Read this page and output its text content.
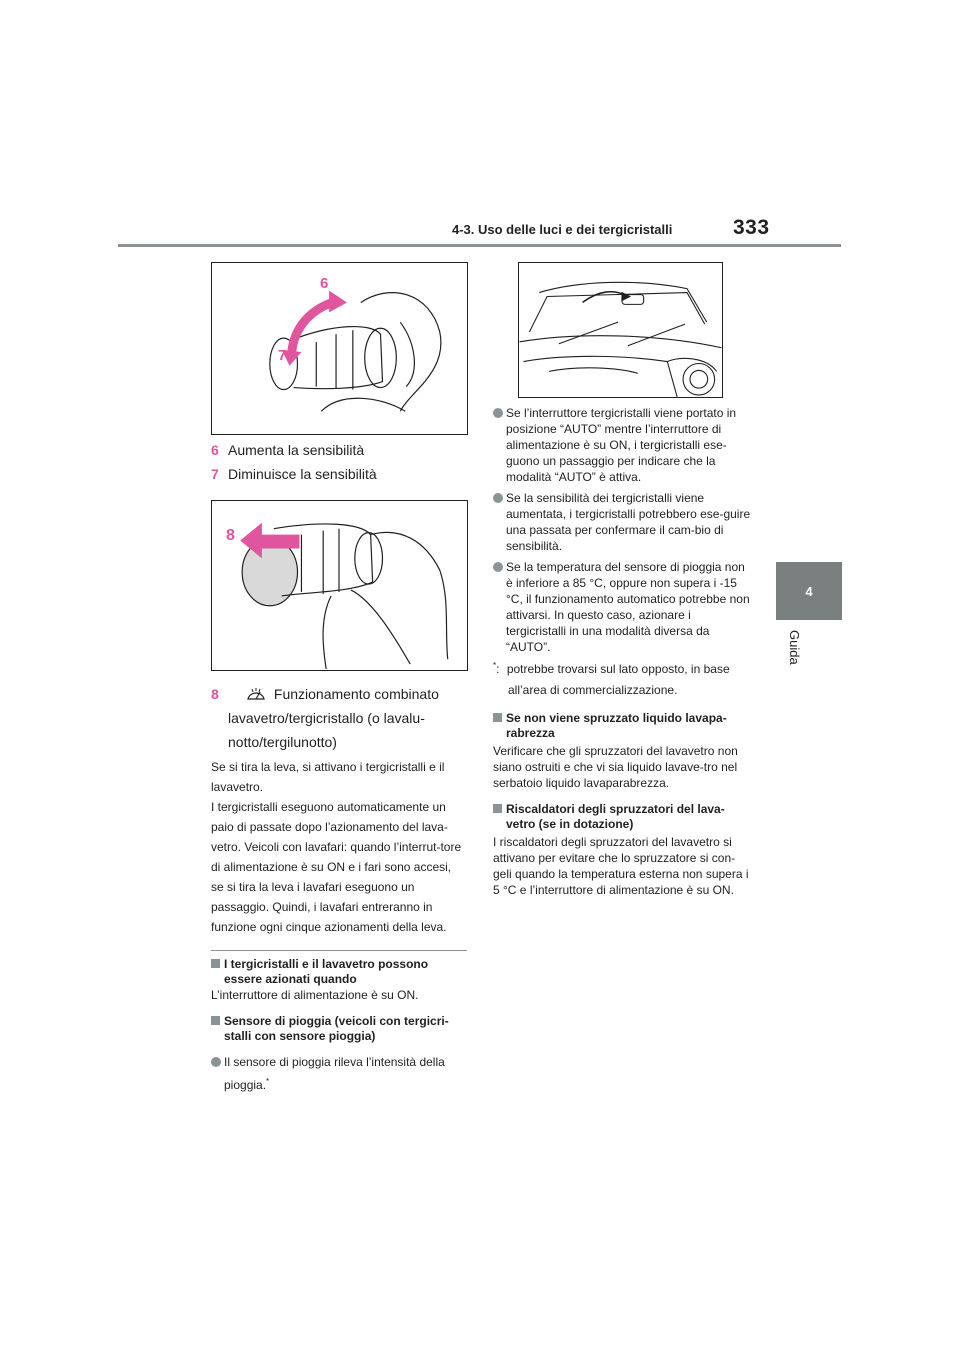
4-3. Uso delle luci e dei tergicristalli	333
4
Guida
6
7
6 Aumenta la sensibilità
7 Diminuisce la sensibilità
8
8	Funzionamento combinato
lavavetro/tergicristallo (o lavalu-
notto/tergilunotto)
Se si tira la leva, si attivano i tergicristalli e il lavavetro.
I tergicristalli eseguono automaticamente un paio di passate dopo l’azionamento del lava-vetro. Veicoli con lavafari: quando l’interrut-tore di alimentazione è su ON e i fari sono accesi, se si tira la leva i lavafari eseguono un passaggio. Quindi, i lavafari entreranno in funzione ogni cinque azionamenti della leva.
I tergicristalli e il lavavetro possono essere azionati quando
L’interruttore di alimentazione è su ON.
Sensore di pioggia (veicoli con tergicri-stalli con sensore pioggia)
Il sensore di pioggia rileva l’intensità della pioggia.*
Se l’interruttore tergicristalli viene portato in posizione “AUTO” mentre l’interruttore di alimentazione è su ON, i tergicristalli ese-guono un passaggio per indicare che la modalità “AUTO” è attiva.
Se la sensibilità dei tergicristalli viene aumentata, i tergicristalli potrebbero ese-guire una passata per confermare il cam-bio di sensibilità.
Se la temperatura del sensore di pioggia non è inferiore a 85 °C, oppure non supera i -15 °C, il funzionamento automatico potrebbe non attivarsi. In questo caso, azionare i tergicristalli in una modalità diversa da “AUTO”.
*: potrebbe trovarsi sul lato opposto, in base
all’area di commercializzazione.
Se non viene spruzzato liquido lavapa-rabrezza
Verificare che gli spruzzatori del lavavetro non siano ostruiti e che vi sia liquido lavave-tro nel serbatoio liquido lavaparabrezza.
Riscaldatori degli spruzzatori del lava-vetro (se in dotazione)
I riscaldatori degli spruzzatori del lavavetro si attivano per evitare che lo spruzzatore si con-geli quando la temperatura esterna non supera i 5 °C e l’interruttore di alimentazione è su ON.
